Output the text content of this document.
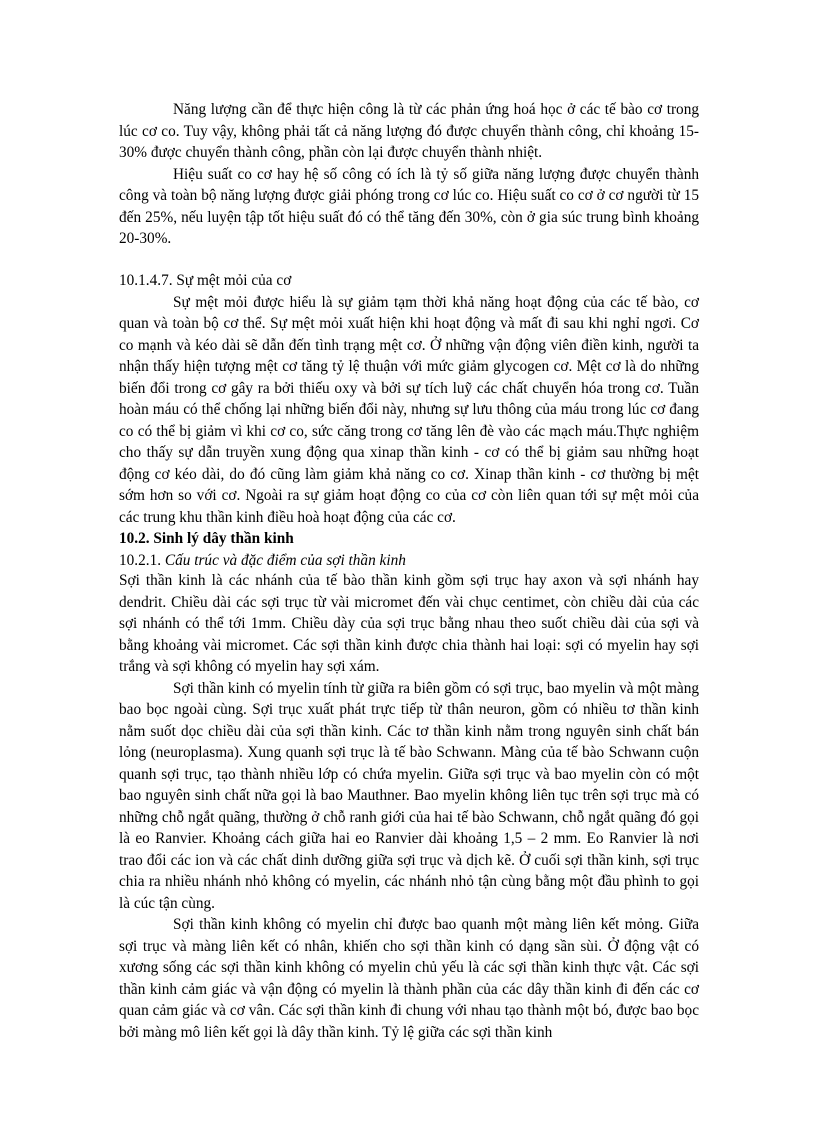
Năng lượng cần để thực hiện công là từ các phản ứng hoá học ở các tế bào cơ trong lúc cơ co. Tuy vậy, không phải tất cả năng lượng đó được chuyển thành công, chỉ khoảng 15-30% được chuyển thành công, phần còn lại được chuyển thành nhiệt.

Hiệu suất co cơ hay hệ số công có ích là tỷ số giữa năng lượng được chuyển thành công và toàn bộ năng lượng được giải phóng trong cơ lúc co. Hiệu suất co cơ ở cơ người từ 15 đến 25%, nếu luyện tập tốt hiệu suất đó có thể tăng đến 30%, còn ở gia súc trung bình khoảng 20-30%.

10.1.4.7. Sự mệt mỏi của cơ

Sự mệt mỏi được hiểu là sự giảm tạm thời khả năng hoạt động của các tế bào, cơ quan và toàn bộ cơ thể. Sự mệt mỏi xuất hiện khi hoạt động và mất đi sau khi nghỉ ngơi. Cơ co mạnh và kéo dài sẽ dẫn đến tình trạng mệt cơ. Ở những vận động viên điền kinh, người ta nhận thấy hiện tượng mệt cơ tăng tỷ lệ thuận với mức giảm glycogen cơ. Mệt cơ là do những biến đổi trong cơ gây ra bởi thiếu oxy và bởi sự tích luỹ các chất chuyển hóa trong cơ. Tuần hoàn máu có thể chống lại những biến đổi này, nhưng sự lưu thông của máu trong lúc cơ đang co có thể bị giảm vì khi cơ co, sức căng trong cơ tăng lên đè vào các mạch máu.Thực nghiệm cho thấy sự dẫn truyền xung động qua xinap thần kinh - cơ có thể bị giảm sau những hoạt động cơ kéo dài, do đó cũng làm giảm khả năng co cơ. Xinap thần kinh - cơ thường bị mệt sớm hơn so với cơ. Ngoài ra sự giảm hoạt động co của cơ còn liên quan tới sự mệt mỏi của các trung khu thần kinh điều hoà hoạt động của các cơ.

10.2. Sinh lý dây thần kinh

10.2.1. Cấu trúc và đặc điểm của sợi thần kinh

Sợi thần kinh là các nhánh của tế bào thần kinh gồm sợi trục hay axon và sợi nhánh hay dendrit. Chiều dài các sợi trục từ vài micromet đến vài chục centimet, còn chiều dài của các sợi nhánh có thể tới 1mm. Chiều dày của sợi trục bằng nhau theo suốt chiều dài của sợi và bằng khoảng vài micromet. Các sợi thần kinh được chia thành hai loại: sợi có myelin hay sợi trắng và sợi không có myelin hay sợi xám.

Sợi thần kinh có myelin tính từ giữa ra biên gồm có sợi trục, bao myelin và một màng bao bọc ngoài cùng. Sợi trục xuất phát trực tiếp từ thân neuron, gồm có nhiều tơ thần kinh nằm suốt dọc chiều dài của sợi thần kinh. Các tơ thần kinh nằm trong nguyên sinh chất bán lỏng (neuroplasma). Xung quanh sợi trục là tế bào Schwann. Màng của tế bào Schwann cuộn quanh sợi trục, tạo thành nhiều lớp có chứa myelin. Giữa sợi trục và bao myelin còn có một bao nguyên sinh chất nữa gọi là bao Mauthner. Bao myelin không liên tục trên sợi trục mà có những chỗ ngắt quãng, thường ở chỗ ranh giới của hai tế bào Schwann, chỗ ngắt quãng đó gọi là eo Ranvier. Khoảng cách giữa hai eo Ranvier dài khoảng 1,5 – 2 mm. Eo Ranvier là nơi trao đổi các ion và các chất dinh dưỡng giữa sợi trục và dịch kẽ. Ở cuối sợi thần kinh, sợi trục chia ra nhiều nhánh nhỏ không có myelin, các nhánh nhỏ tận cùng bằng một đầu phình to gọi là cúc tận cùng.

Sợi thần kinh không có myelin chỉ được bao quanh một màng liên kết mỏng. Giữa sợi trục và màng liên kết có nhân, khiến cho sợi thần kinh có dạng sần sùi. Ở động vật có xương sống các sợi thần kinh không có myelin chủ yếu là các sợi thần kinh thực vật. Các sợi thần kinh cảm giác và vận động có myelin là thành phần của các dây thần kinh đi đến các cơ quan cảm giác và cơ vân. Các sợi thần kinh đi chung với nhau tạo thành một bó, được bao bọc bởi màng mô liên kết gọi là dây thần kinh. Tỷ lệ giữa các sợi thần kinh
